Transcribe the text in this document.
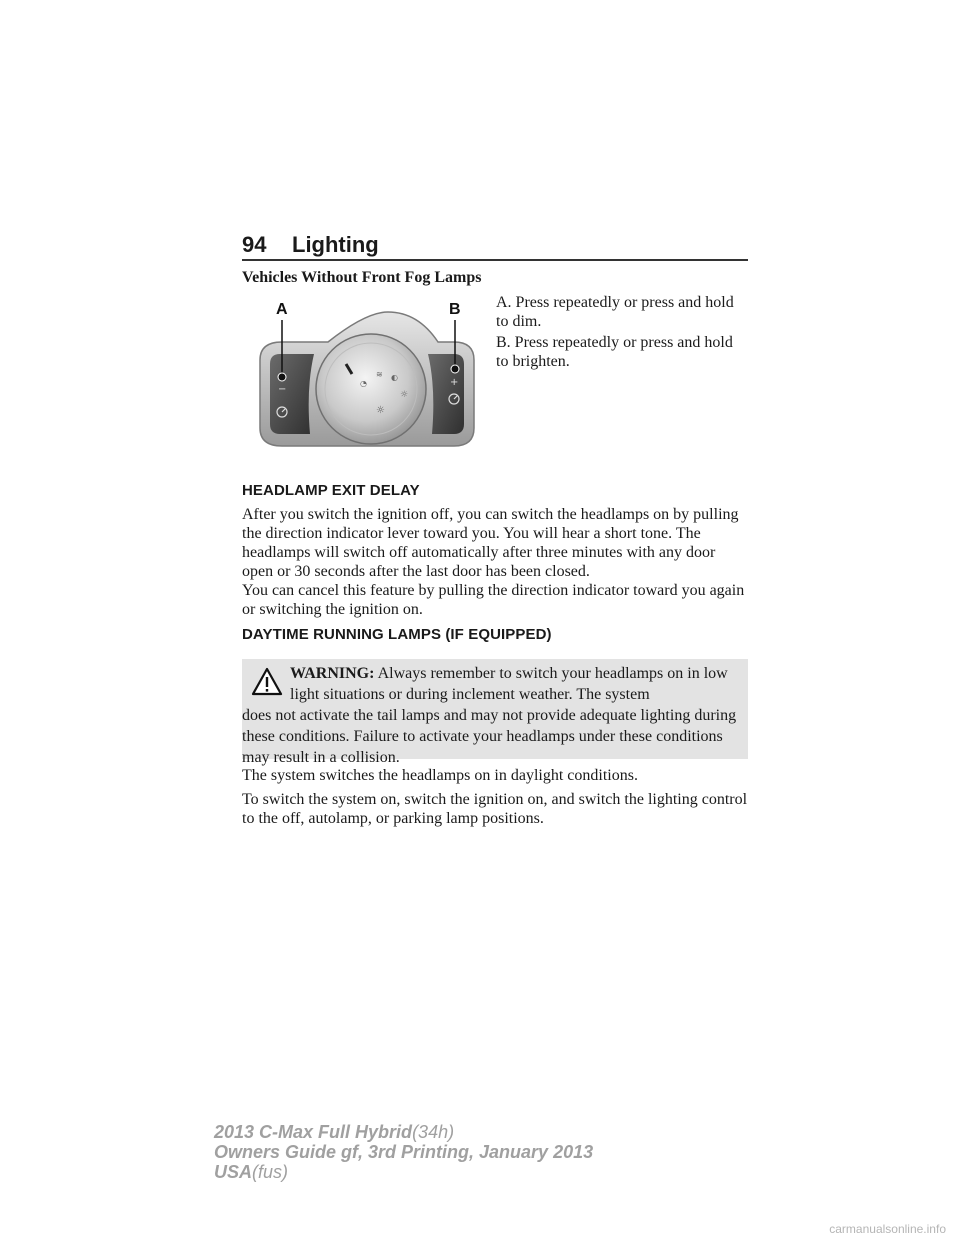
94 Lighting
Vehicles Without Front Fog Lamps
◔
≋ ◐
☼
☼
−
+
A	B A. Press repeatedly or press and hold to dim.
B. Press repeatedly or press and hold to brighten.
HEADLAMP EXIT DELAY
After you switch the ignition off, you can switch the headlamps on by pulling the direction indicator lever toward you. You will hear a short tone. The headlamps will switch off automatically after three minutes with any door open or 30 seconds after the last door has been closed.
You can cancel this feature by pulling the direction indicator toward you again or switching the ignition on.
DAYTIME RUNNING LAMPS (IF EQUIPPED)
WARNING: Always remember to switch your headlamps on in low light situations or during inclement weather. The system
does not activate the tail lamps and may not provide adequate lighting during these conditions. Failure to activate your headlamps under these conditions may result in a collision.
The system switches the headlamps on in daylight conditions.
To switch the system on, switch the ignition on, and switch the lighting control to the off, autolamp, or parking lamp positions.
2013 C-Max Full Hybrid(34h)
Owners Guide gf, 3rd Printing, January 2013
USA(fus)
carmanualsonline.info
